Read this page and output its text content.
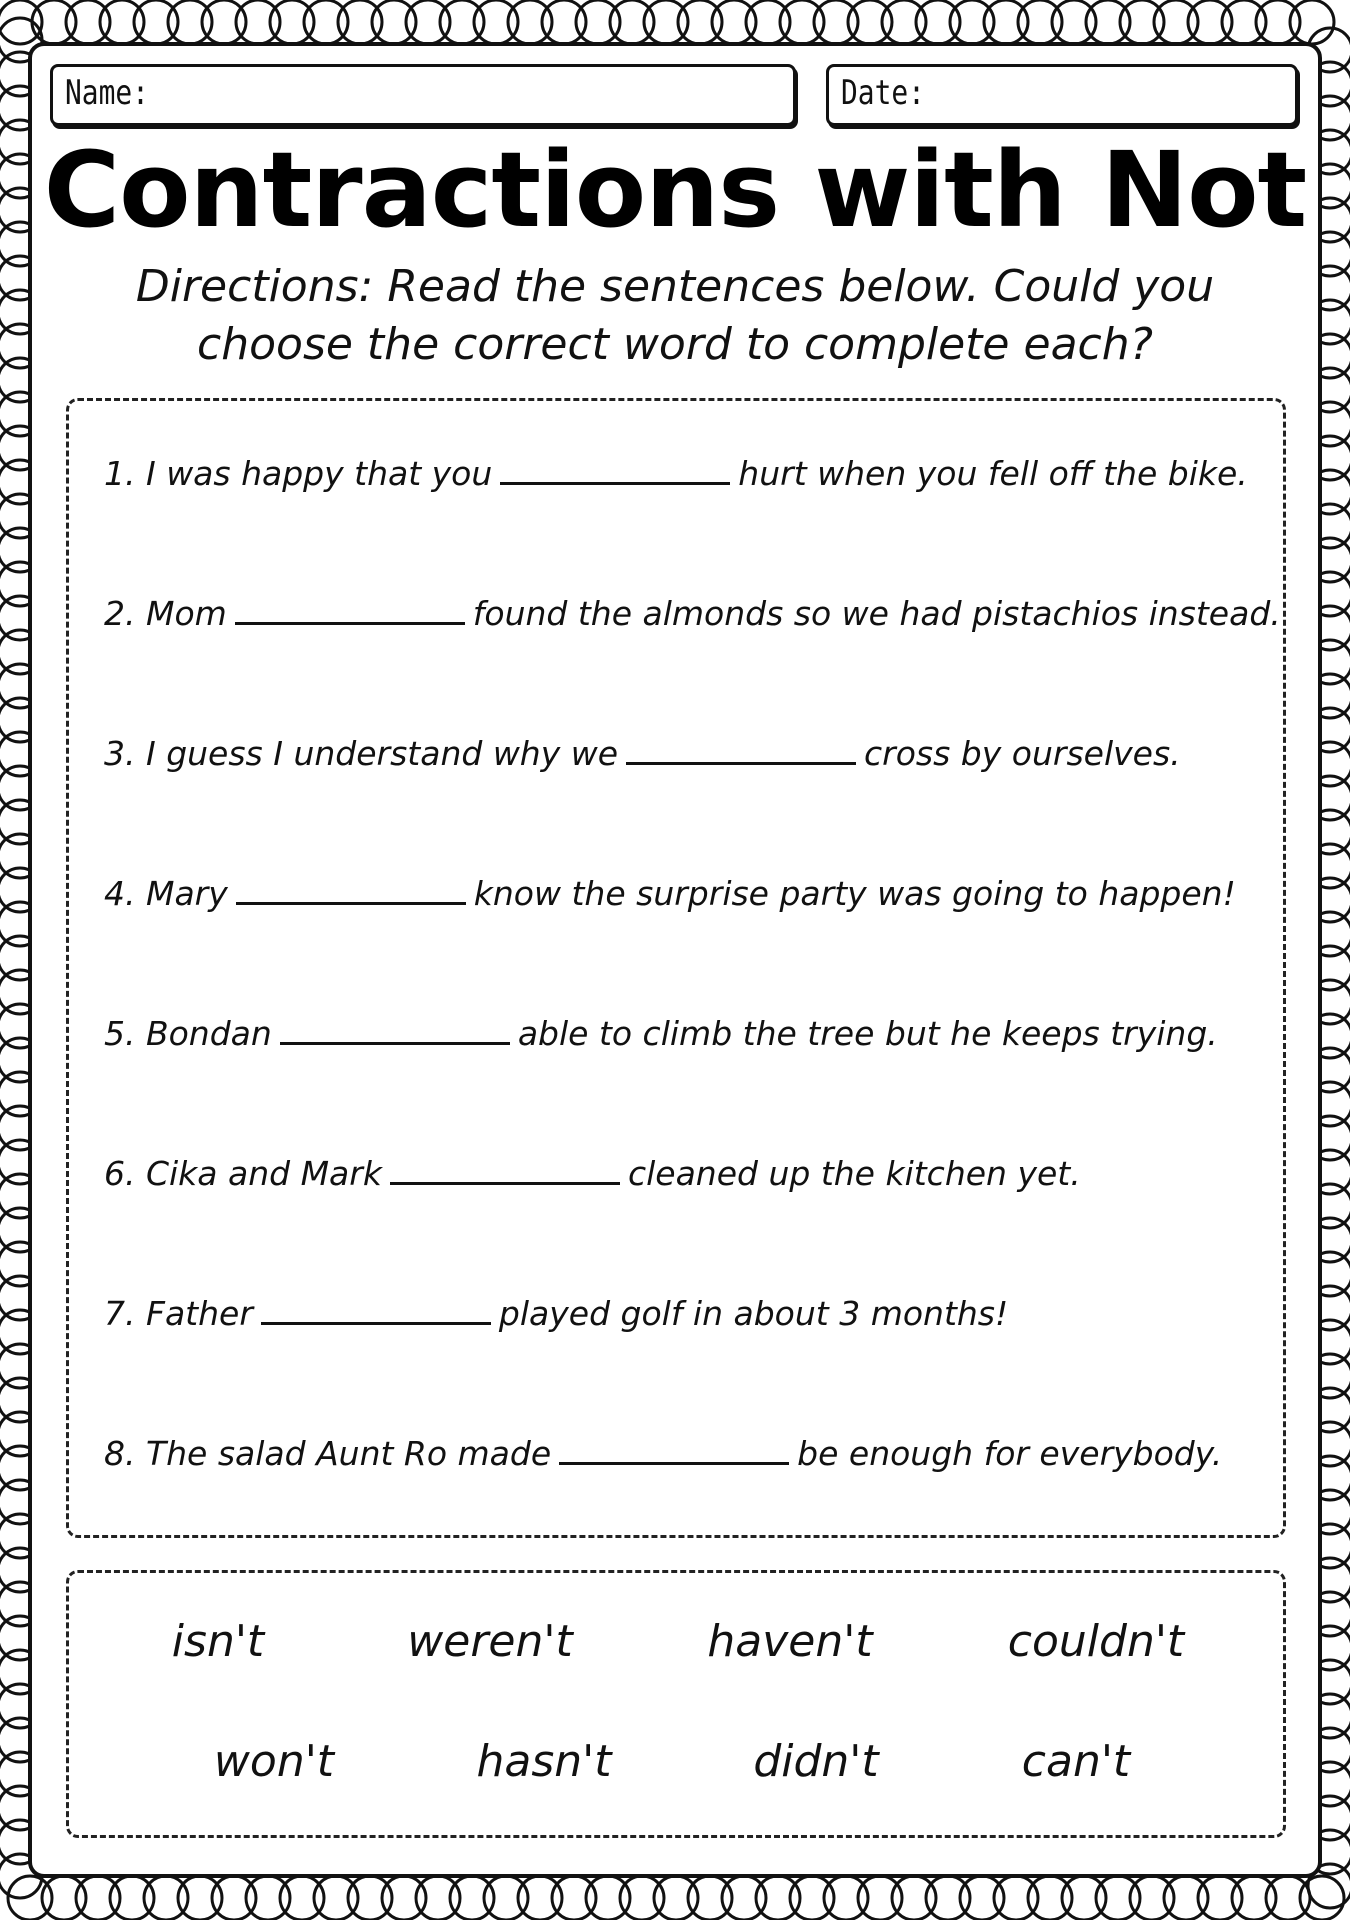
Name:	Date:
Contractions with Not
Directions: Read the sentences below. Could you
choose the correct word to complete each?
1. I was happy that you	hurt when you fell off the bike.
2. Mom	found the almonds so we had pistachios instead.
3. I guess I understand why we	cross by ourselves.
4. Mary	know the surprise party was going to happen!
5. Bondan	able to climb the tree but he keeps trying.
6. Cika and Mark	cleaned up the kitchen yet.
7. Father	played golf in about 3 months!
8. The salad Aunt Ro made	be enough for everybody.
isn't	weren't	haven't	couldn't
won't	hasn't	didn't	can't
